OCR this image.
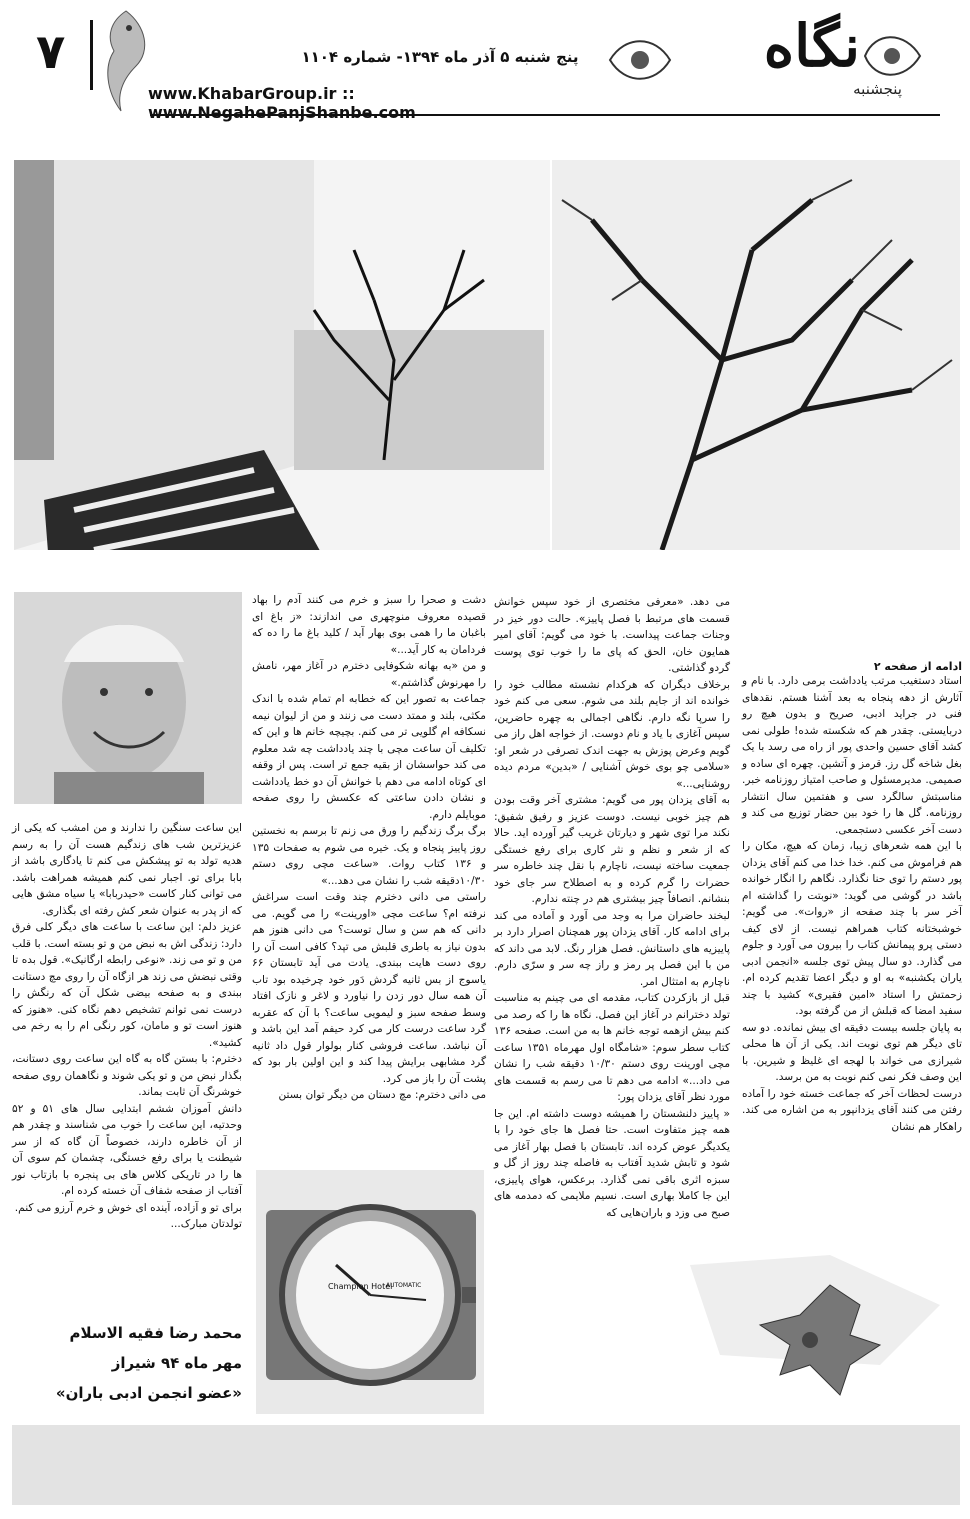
نگاه
پنجشنبه
پنج شنبه ۵ آذر ماه ۱۳۹۴- شماره ۱۱۰۴
www.KhabarGroup.ir :: www.NegahePanjShanbe.com
۷
ادامه از صفحه ۲
استاد دستغیب مرتب یادداشت برمی دارد. با نام و آثارش از دهه پنجاه به بعد آشنا هستم. نقدهای فنی در جراید ادبی، صریح و بدون هیچ رو دربایستی. چقدر هم که شکسته شده! طولی نمی کشد آقای حسین واحدی پور از راه می رسد با یک بغل شاخه گل رز. قرمز و آتشین. چهره ای ساده و صمیمی. مدیرمسئول و صاحب امتیاز روزنامه خبر. مناسبتش سالگرد سی و هفتمین سال انتشار روزنامه. گل ها را خود بین حضار توزیع می کند و دست آخر عکسی دستجمعی.
با این همه شعرهای زیبا، زمان که هیچ، مکان را هم فراموش می کنم. خدا خدا می کنم آقای یزدان پور دستم را توی حنا نگذارد. نگاهم را انگار خوانده باشد در گوشی می گوید: «نوبتت را گذاشته ام آخر سر با چند صفحه از «روات». می گویم: خوشبختانه کتاب همراهم نیست. از لای کیف دستی پرو پیمانش کتاب را بیرون می آورد و جلوم می گذارد. دو سال پیش توی جلسه «انجمن ادبی یاران یکشنبه» به او و دیگر اعضا تقدیم کرده ام. زحمتش را استاد «امین فقیری» کشید با چند سفید امضا که قبلش از من گرفته بود.
به پایان جلسه بیست دقیقه ای بیش نمانده. دو سه تای دیگر هم توی نوبت اند. یکی از آن ها محلی شیرازی می خواند با لهجه ای غلیظ و شیرین. با این وصف فکر نمی کنم نوبت به من برسد.
درست لحظات آخر که جماعت خسته خود را آماده رفتن می کنند آقای یزدانپور به من اشاره می کند. راهکار هم نشان
می دهد. «معرفی مختصری از خود سپس خوانش قسمت های مرتبط با فصل پاییز». حالت دور خیز در وجنات جماعت پیداست. با خود می گویم: آقای امیر همایون خان، الحق که پای ما را خوب توی پوست گردو گذاشتی.
برخلاف دیگران که هرکدام نشسته مطالب خود را خوانده اند از جایم بلند می شوم. سعی می کنم خود را سرپا نگه دارم. نگاهی اجمالی به چهره حاضرین، سپس آغازی با یاد و نام دوست. از خواجه اهل راز می گویم وعرض پوزش به جهت اندک تصرفی در شعر او: «سلامی چو بوی خوش آشنایی / «بدین» مردم دیده روشنایی...»
به آقای یزدان پور می گویم: مشتری آخر وقت بودن هم چیز خوبی نیست. دوست عزیز و رفیق شفیق: نکند مرا توی شهر و دیارتان غریب گیر آورده اید. حالا که از شعر و نظم و نثر کاری برای رفع خستگی جمعیت ساخته نیست، ناچارم با نقل چند خاطره سر حضرات را گرم کرده و به اصطلاح سر جای خود بنشانم. انصافاً چیز بیشتری هم در چنته ندارم.
لبخند حاضران مرا به وجد می آورد و آماده می کند برای ادامه کار. آقای یزدان پور همچنان اصرار دارد بر پاییزیه های داستانش. فصل هزار رنگ. لابد می داند که من با این فصل پر رمز و راز چه سر و سرّی دارم. ناچارم به امتثال امر.
قبل از بازکردن کتاب، مقدمه ای می چینم به مناسبت تولد دخترانم در آغاز این فصل. نگاه ها را که رصد می کنم بیش ازهمه توجه خانم ها به من است. صفحه ۱۳۶ کتاب سطر سوم: «شامگاه اول مهرماه ۱۳۵۱ ساعت مچی اورینت روی دستم ۱۰/۳۰ دقیقه شب را نشان می داد...» ادامه می دهم تا می رسم به قسمت های مورد نظر آقای یزدان پور:
« پاییز دلنشستان را همیشه دوست داشته ام. این جا همه چیز متفاوت است. حتا فصل ها جای خود را با یکدیگر عوض کرده اند. تابستان با فصل بهار آغاز می شود و تابش شدید آفتاب به فاصله چند روز از گل و سبزه اثری باقی نمی گذارد. برعکس، هوای پاییزی، این جا کاملا بهاری است. نسیم ملایمی که دمدمه های صبح می وزد و باران‌هایی که
دشت و صحرا را سبز و خرم می کنند آدم را بهاد قصیده معروف منوچهری می اندازند: «ز باغ ای باغبان ما را همی بوی بهار آید / کلید باغ ما را ده که فردامان به کار آید...»
و من «به بهانه شکوفایی دخترم در آغاز مهر، نامش را مهرنوش گذاشتم.»
جماعت به تصور این که خطابه ام تمام شده با اندک مکثی، بلند و ممتد دست می زنند و من از لیوان نیمه نسکافه ام گلویی تر می کنم. بچیچه خانم ها و این که تکلیف آن ساعت مچی با چند یادداشت چه شد معلوم می کند حواسشان از بقیه جمع تر است. پس از وقفه ای کوتاه ادامه می دهم با خوانش آن دو خط یادداشت و نشان دادن ساعتی که عکسش را روی صفحه موبایلم دارم.
برگ برگ زندگیم را ورق می زنم تا برسم به نخستین روز پاییز پنجاه و یک. خیره می شوم به صفحات ۱۳۵ و ۱۳۶ کتاب روات. «ساعت مچی روی دستم ۱۰/۳۰دقیقه شب را نشان می دهد...»
راستی می دانی دخترم چند وقت است سراغش نرفته ام؟ ساعت مچی «اورینت» را می گویم. می دانی که هم سن و سال توست؟ می دانی هنوز هم بدون نیاز به باطری قلبش می تپد؟ کافی است آن را روی دست هایت ببندی. یادت می آید تابستان ۶۶ یاسوج از بس ثانیه گردش دَور خود چرخیده بود تاب آن همه سال دور زدن را نیاورد و لاغر و نازک افتاد وسط صفحه سبز و لیمویی ساعت؟ با آن که عقربه گرد ساعت درست کار می کرد حیفم آمد این باشد و آن نباشد. ساعت فروشی کنار بولوار قول داد ثانیه گرد مشابهی برایش پیدا کند و این اولین بار بود که پشت آن را باز می کرد.
می دانی دخترم: مچ دستان من دیگر توان بستن
Champion Hotel
AUTOMATIC
این ساعت سنگین را ندارند و من امشب که یکی از عزیزترین شب های زندگیم هست آن را به رسم هدیه تولد به تو پیشکش می کنم تا یادگاری باشد از بابا برای تو. اجبار نمی کنم همیشه همراهت باشد. می توانی کنار کاست «حیدربابا» یا سیاه مشق هایی که از پدر به عنوان شعر کش رفته ای بگذاری.
عزیز دلم: این ساعت با ساعت های دیگر کلی فرق دارد: زندگی اش به نبض من و تو بسته است. با قلب من و تو می زند. «نوعی رابطه ارگانیک». قول بده تا وقتی نبضش می زند هر ازگاه آن را روی مچ دستانت ببندی و به صفحه بیضی شکل آن که رنگش را درست نمی توانم تشخیص دهم نگاه کنی. «هنوز که هنوز است تو و مامان، کور رنگی ام را به رخم می کشید».
دخترم: با بستن گاه به گاه این ساعت روی دستانت، بگذار نبض من و تو یکی شوند و نگاهمان روی صفحه خوشرنگ آن ثابت بماند.
دانش آموزان ششم ابتدایی سال های ۵۱ و ۵۲ وحدتیه، این ساعت را خوب می شناسند و چقدر هم از آن خاطره دارند، خصوصاً آن گاه که از سر شیطنت یا برای رفع خستگی، چشمان کم سوی آن ها را در تاریکی کلاس های بی پنجره با بازتاب نور آفتاب از صفحه شفاف آن خسته کرده ام.
برای تو و آزاده، آینده ای خوش و خرم آرزو می کنم.
تولدتان مبارک...
محمد رضا فقیه الاسلام
مهر ماه ۹۴ شیراز
«عضو انجمن ادبی باران»
